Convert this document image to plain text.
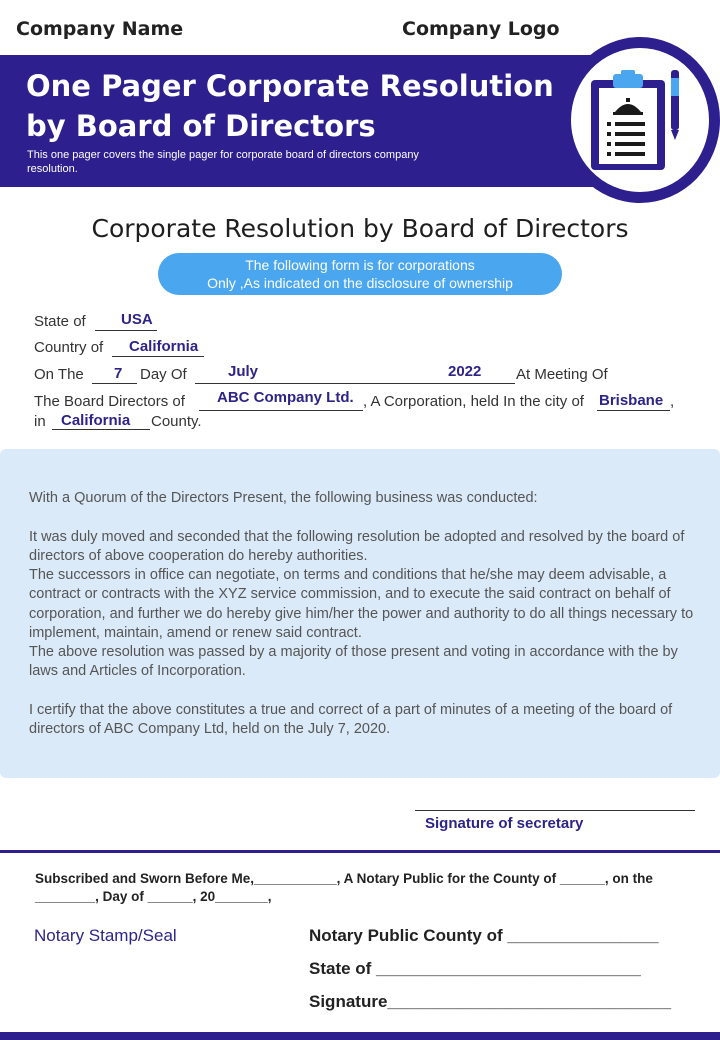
Company Name	Company Logo
One Pager Corporate Resolution
by Board of Directors
This one pager covers the single pager for corporate board of directors company resolution.
Corporate Resolution by Board of Directors
The following form is for corporations
Only ,As indicated on the disclosure of ownership
State of USA
Country of California
On The 7 Day Of	July	2022 At Meeting Of
The Board Directors of ABC Company Ltd. , A Corporation, held In the city of Brisbane ,
in California County.
With a Quorum of the Directors Present, the following business was conducted:
It was duly moved and seconded that the following resolution be adopted and resolved by the board of directors of above cooperation do hereby authorities.
The successors in office can negotiate, on terms and conditions that he/she may deem advisable, a contract or contracts with the XYZ service commission, and to execute the said contract on behalf of corporation, and further we do hereby give him/her the power and authority to do all things necessary to implement, maintain, amend or renew said contract.
The above resolution was passed by a majority of those present and voting in accordance with the by laws and Articles of Incorporation.
I certify that the above constitutes a true and correct of a part of minutes of a meeting of the board of directors of ABC Company Ltd, held on the July 7, 2020.
Signature of secretary
Subscribed and Sworn Before Me,___________, A Notary Public for the County of ______, on the ________, Day of ______, 20_______,
Notary Stamp/Seal	Notary Public County of ________________
State of ____________________________
Signature______________________________
